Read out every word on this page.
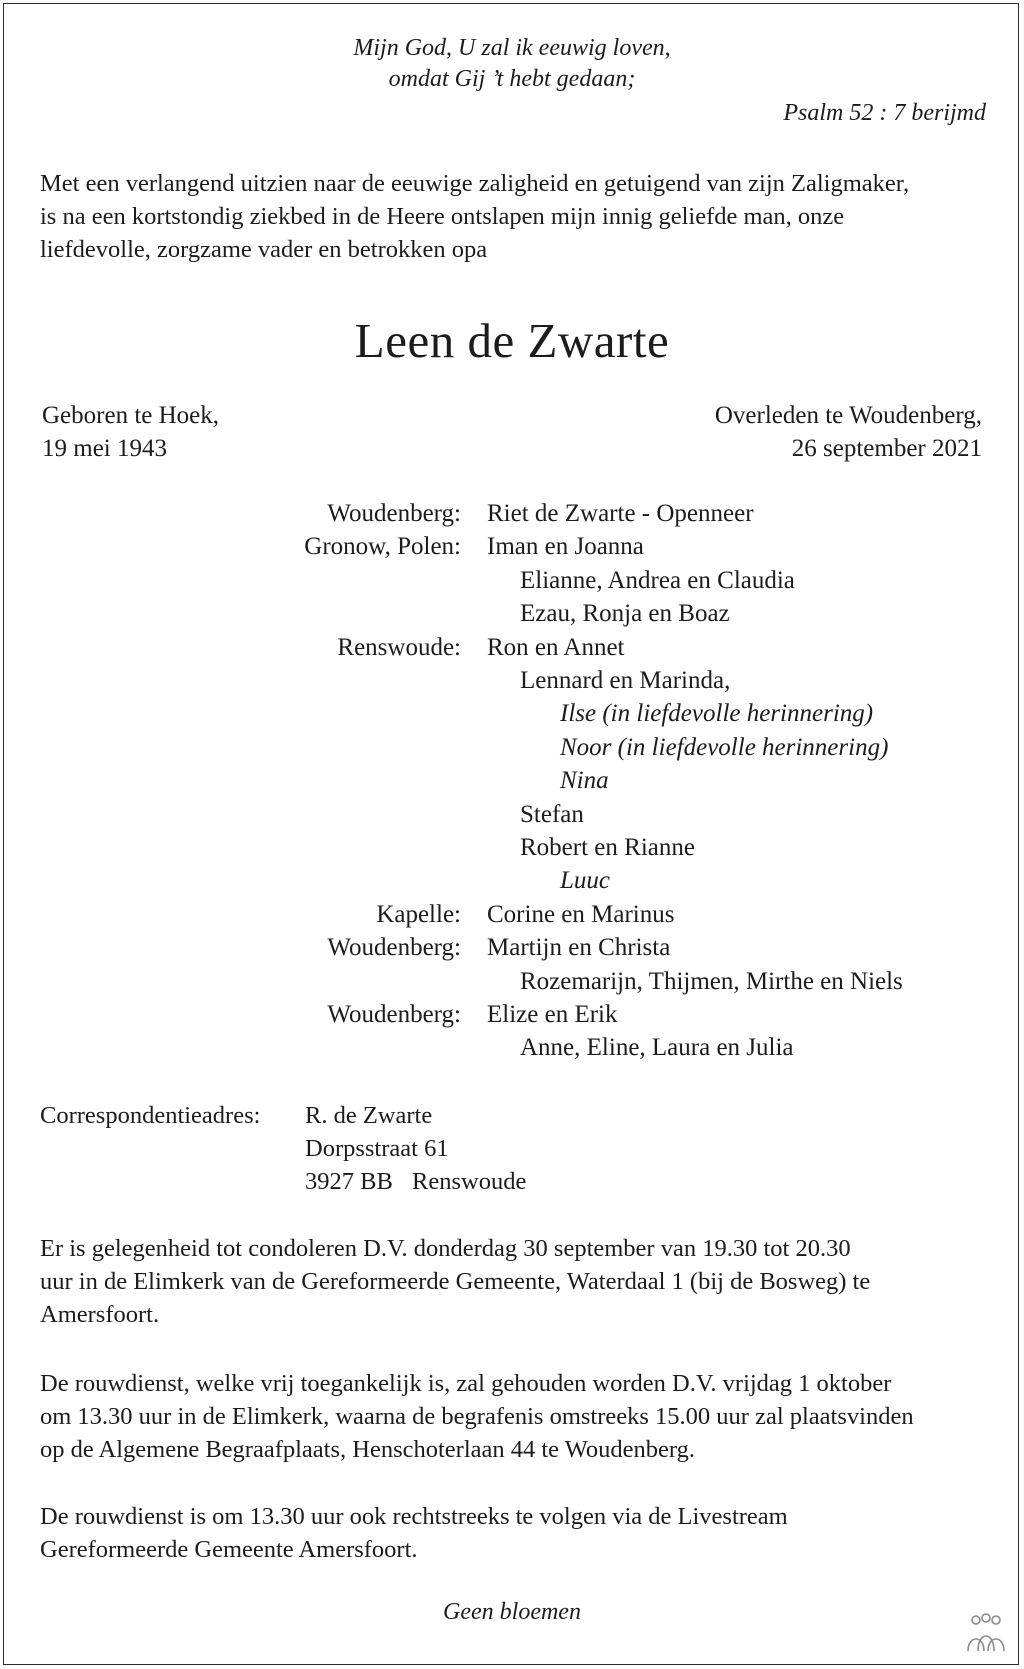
Mijn God, U zal ik eeuwig loven,
omdat Gij ’t hebt gedaan;
Psalm 52 : 7 berijmd
Met een verlangend uitzien naar de eeuwige zaligheid en getuigend van zijn Zaligmaker,
is na een kortstondig ziekbed in de Heere ontslapen mijn innig geliefde man, onze
liefdevolle, zorgzame vader en betrokken opa
Leen de Zwarte
Geboren te Hoek,
19 mei 1943
Overleden te Woudenberg,
26 september 2021
Woudenberg: Riet de Zwarte - Openneer
Gronow, Polen: Iman en Joanna
Elianne, Andrea en Claudia
Ezau, Ronja en Boaz
Renswoude: Ron en Annet
Lennard en Marinda,
Ilse (in liefdevolle herinnering)
Noor (in liefdevolle herinnering)
Nina
Stefan
Robert en Rianne
Luuc
Kapelle: Corine en Marinus
Woudenberg: Martijn en Christa
Rozemarijn, Thijmen, Mirthe en Niels
Woudenberg: Elize en Erik
Anne, Eline, Laura en Julia
Correspondentieadres: R. de Zwarte
Dorpsstraat 61
3927 BB Renswoude
Er is gelegenheid tot condoleren D.V. donderdag 30 september van 19.30 tot 20.30
uur in de Elimkerk van de Gereformeerde Gemeente, Waterdaal 1 (bij de Bosweg) te
Amersfoort.
De rouwdienst, welke vrij toegankelijk is, zal gehouden worden D.V. vrijdag 1 oktober
om 13.30 uur in de Elimkerk, waarna de begrafenis omstreeks 15.00 uur zal plaatsvinden
op de Algemene Begraafplaats, Henschoterlaan 44 te Woudenberg.
De rouwdienst is om 13.30 uur ook rechtstreeks te volgen via de Livestream
Gereformeerde Gemeente Amersfoort.
Geen bloemen
